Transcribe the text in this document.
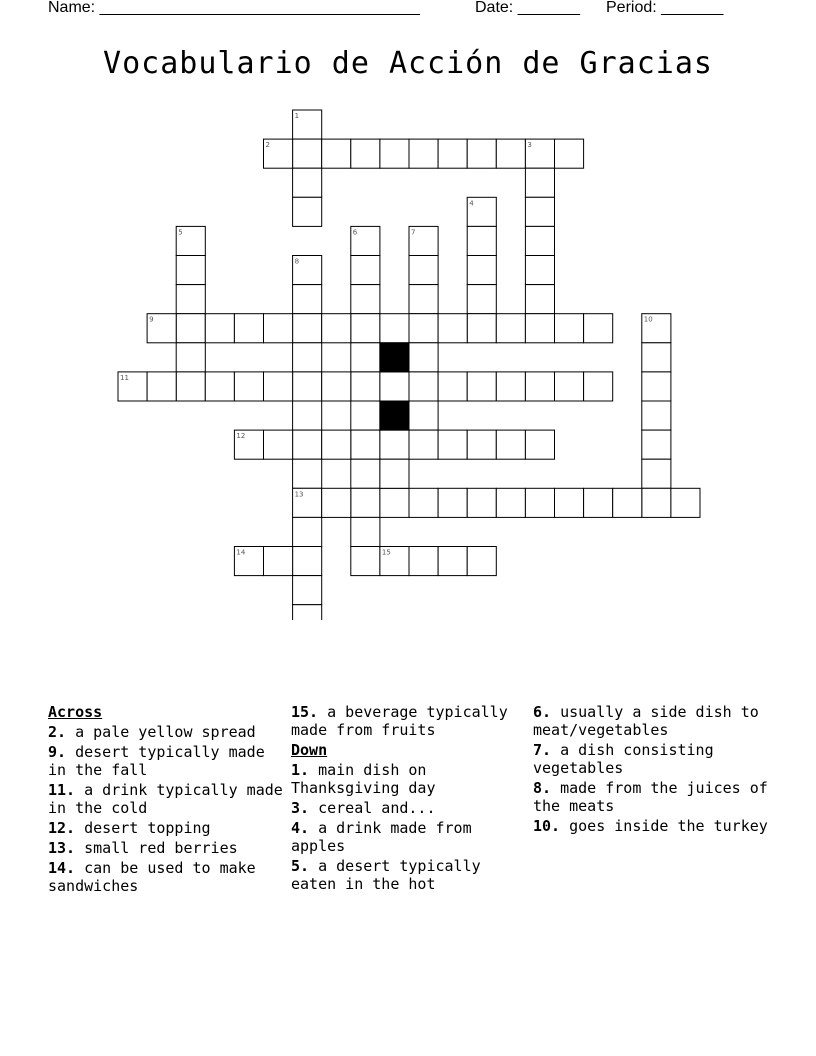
Name: ____________________________________

	Date: _______

Period: _______

Vocabulario de Acción de Gracias
1
2	3
4
5	6	7
8
9	10
11
12
13
14	15
Across
2. a pale yellow spread
9. desert typically made in the fall
11. a drink typically made in the cold
12. desert topping
13. small red berries
14. can be used to make sandwiches
15. a beverage typically made from fruits
Down
1. main dish on Thanksgiving day
3. cereal and...
4. a drink made from apples
5. a desert typically eaten in the hot
6. usually a side dish to meat/vegetables
7. a dish consisting vegetables
8. made from the juices of the meats
10. goes inside the turkey
